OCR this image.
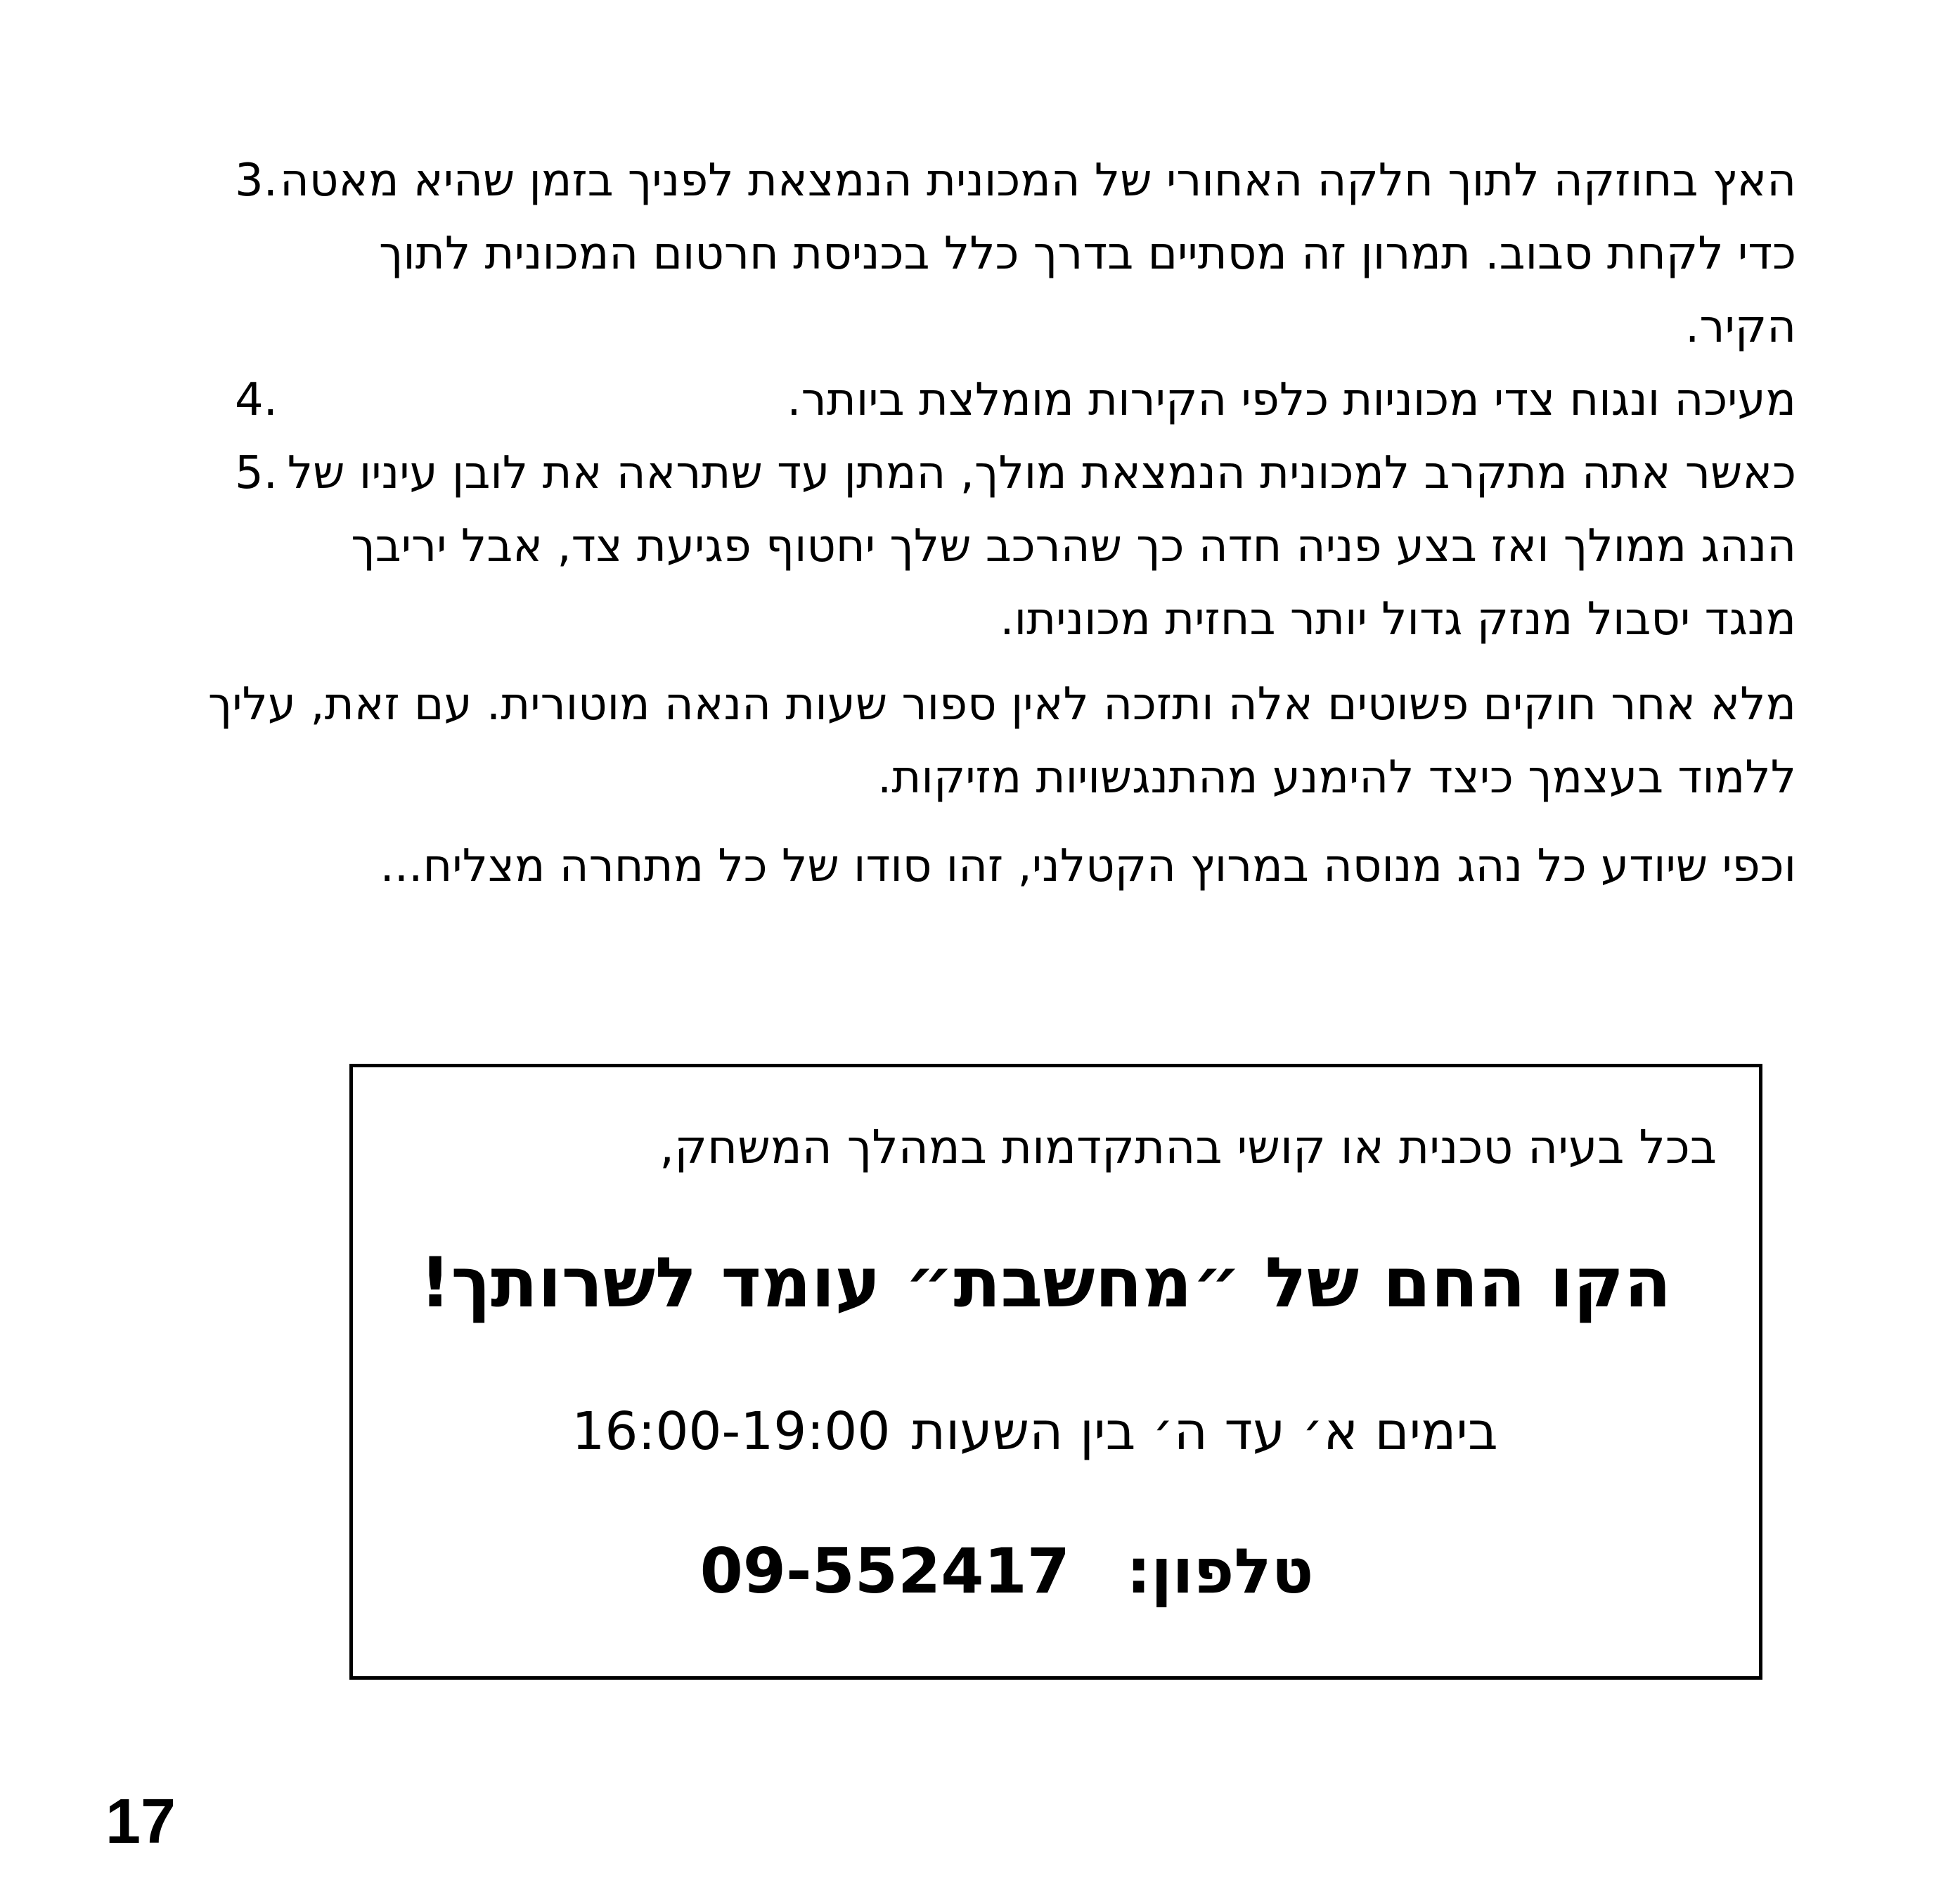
3. האץ בחוזקה לתוך חלקה האחורי של המכונית הנמצאת לפניך בזמן שהיא מאטה כדי לקחת סבוב. תמרון זה מסתיים בדרך כלל בכניסת חרטום המכונית לתוך הקיר.
4.	מעיכה ונגוח צדי מכוניות כלפי הקירות מומלצת ביותר.
5. כאשר אתה מתקרב למכונית הנמצאת מולך, המתן עד שתראה את לובן עיניו של הנהג ממולך ואז בצע פניה חדה כך שהרכב שלך יחטוף פגיעת צד, אבל יריבך מנגד יסבול מנזק גדול יותר בחזית מכוניתו.

מלא אחר חוקים פשוטים אלה ותזכה לאין ספור שעות הנאה מוטורית. עם זאת, עליך ללמוד בעצמך כיצד להימנע מהתנגשויות מזיקות.

וכפי שיודע כל נהג מנוסה במרוץ הקטלני, זהו סודו של כל מתחרה מצליח...

בכל בעיה טכנית או קושי בהתקדמות במהלך המשחק,
הקו החם של ״מחשבת״ עומד לשרותך!
בימים א׳ עד ה׳ בין השעות16:00-19:00
טלפון:09-552417
17
